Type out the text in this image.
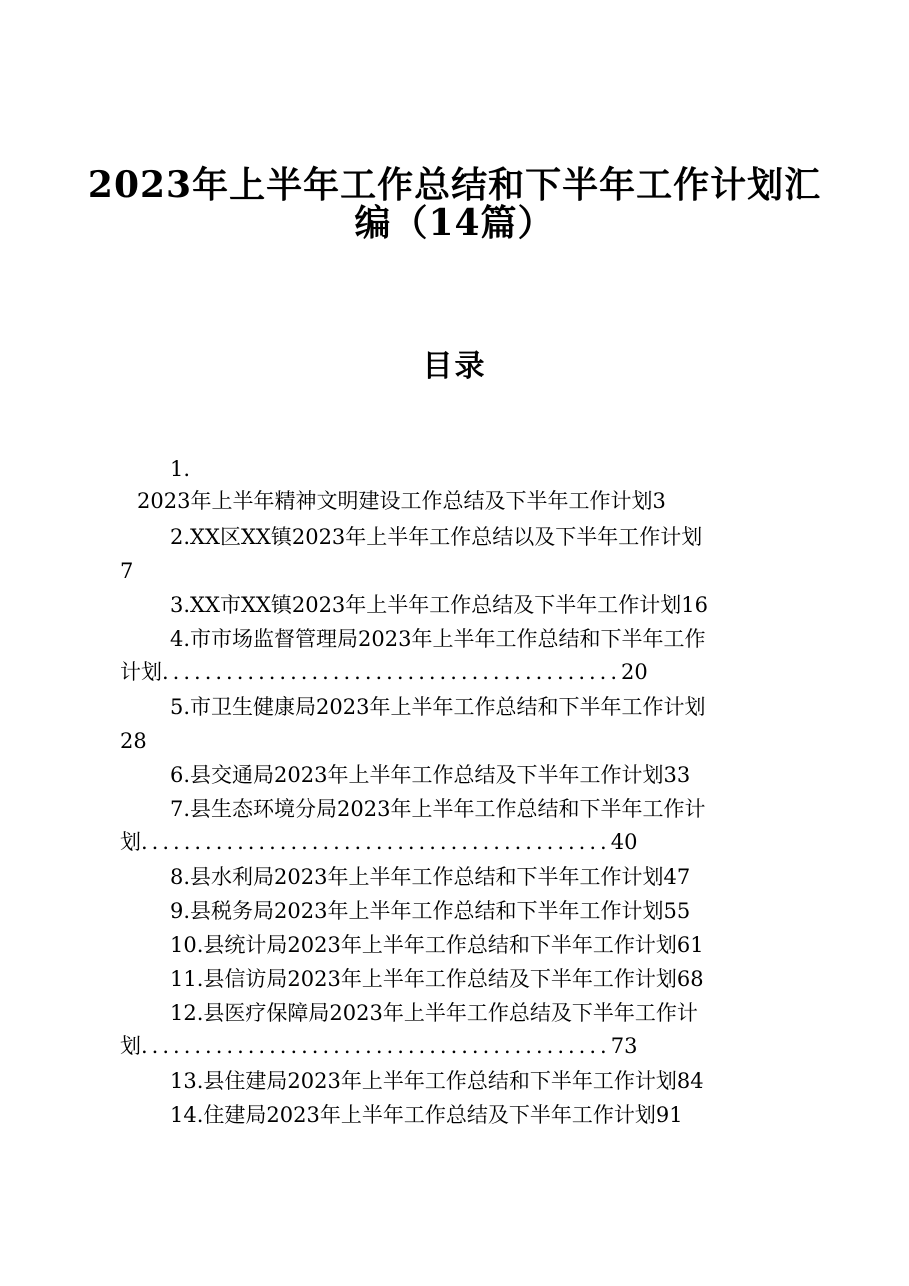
2023年上半年工作总结和下半年工作计划汇
编（14篇）
目录
1.
2023年上半年精神文明建设工作总结及下半年工作计划3
2.XX区XX镇2023年上半年工作总结以及下半年工作计划
7
3.XX市XX镇2023年上半年工作总结及下半年工作计划16
4.市市场监督管理局2023年上半年工作总结和下半年工作
计划...........................................20
5.市卫生健康局2023年上半年工作总结和下半年工作计划
28
6.县交通局2023年上半年工作总结及下半年工作计划33
7.县生态环境分局2023年上半年工作总结和下半年工作计
划............................................40
8.县水利局2023年上半年工作总结和下半年工作计划47
9.县税务局2023年上半年工作总结和下半年工作计划55
10.县统计局2023年上半年工作总结和下半年工作计划61
11.县信访局2023年上半年工作总结及下半年工作计划68
12.县医疗保障局2023年上半年工作总结及下半年工作计
划............................................73
13.县住建局2023年上半年工作总结和下半年工作计划84
14.住建局2023年上半年工作总结及下半年工作计划91
